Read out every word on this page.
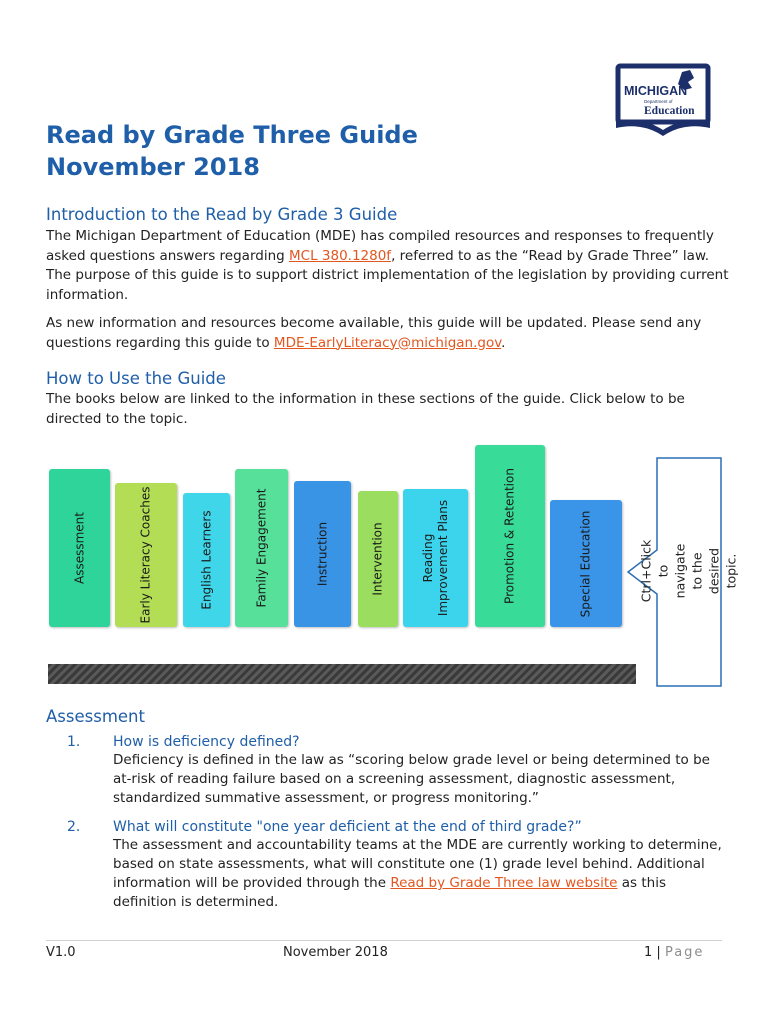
MICHIGAN
Department of
Education
Read by Grade Three Guide
November 2018
Introduction to the Read by Grade 3 Guide

The Michigan Department of Education (MDE) has compiled resources and responses to frequently asked questions answers regarding MCL 380.1280f, referred to as the “Read by Grade Three” law. The purpose of this guide is to support district implementation of the legislation by providing current information.

As new information and resources become available, this guide will be updated. Please send any questions regarding this guide to MDE-EarlyLiteracy@michigan.gov.

How to Use the Guide

The books below are linked to the information in these sections of the guide. Click below to be directed to the topic.

Assessment	Early Literacy Coaches	English Learners	Family Engagement	Instruction	Intervention	Reading Improvement Plans	Promotion & Retention	Special Education	Ctrl+Click to navigate to the desired topic.
Assessment
1. How is deficiency defined?

Deficiency is defined in the law as “scoring below grade level or being determined to be at-risk of reading failure based on a screening assessment, diagnostic assessment, standardized summative assessment, or progress monitoring.”

2. What will constitute "one year deficient at the end of third grade?”

The assessment and accountability teams at the MDE are currently working to determine, based on state assessments, what will constitute one (1) grade level behind. Additional information will be provided through the Read by Grade Three law website as this definition is determined.

V1.0	November 2018	1 | Page
